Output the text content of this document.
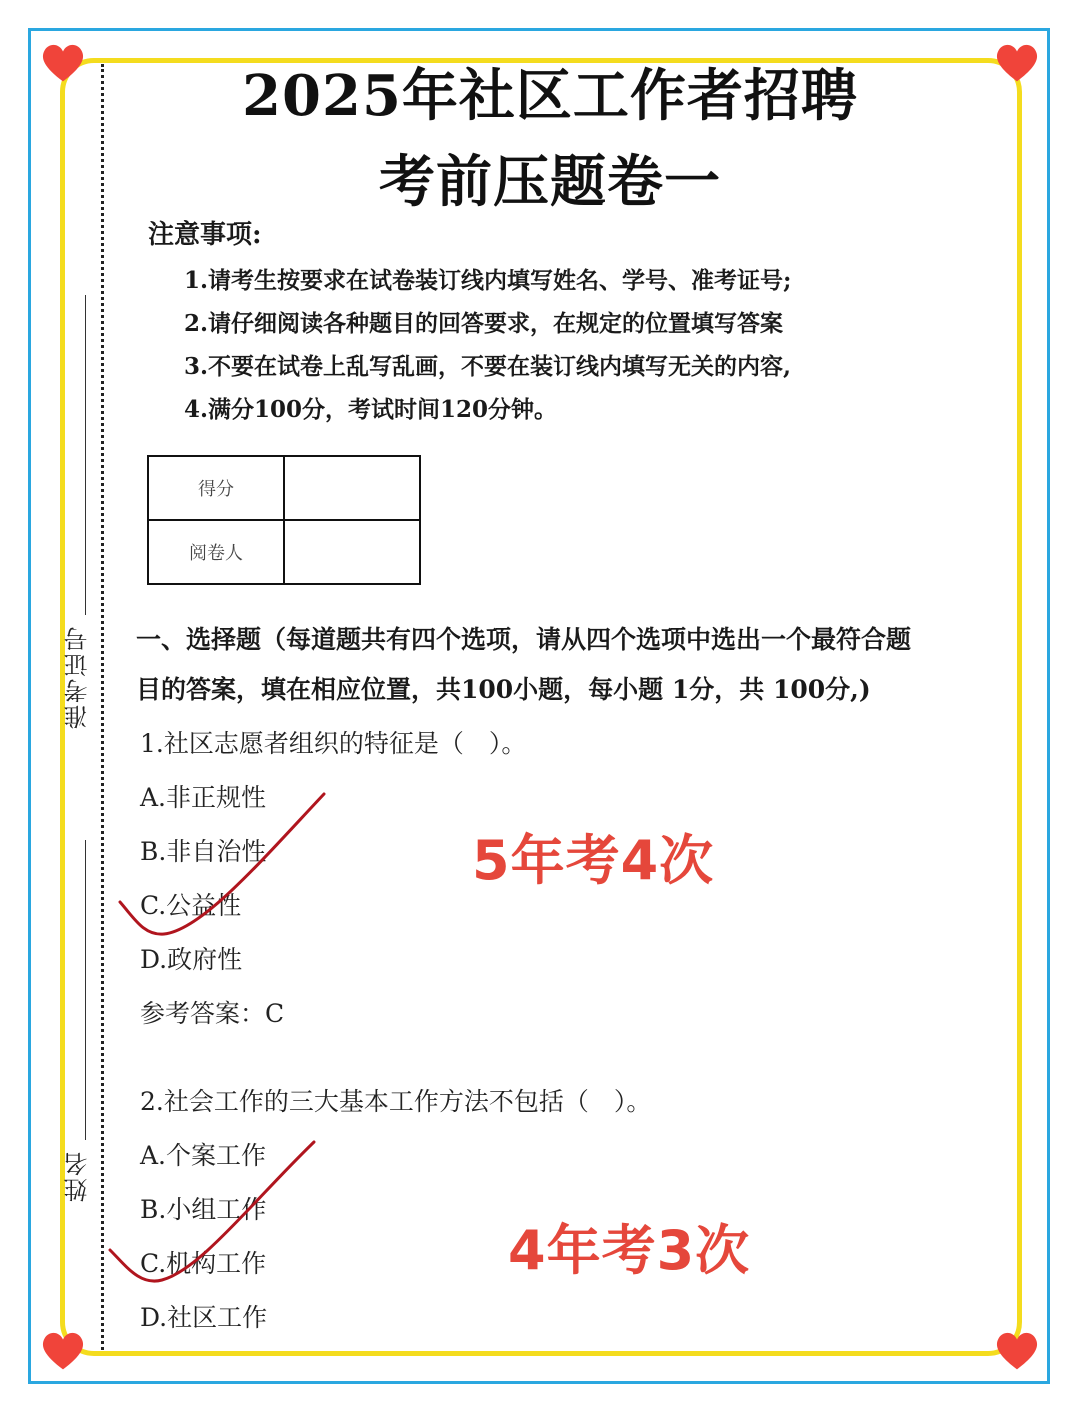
准考证号
姓名
2025年社区工作者招聘
考前压题卷一
注意事项:
1.请考生按要求在试卷装订线内填写姓名、学号、准考证号;
2.请仔细阅读各种题目的回答要求，在规定的位置填写答案
3.不要在试卷上乱写乱画，不要在装订线内填写无关的内容,
4.满分100分，考试时间120分钟。
得分	
阅卷人	
一、选择题（每道题共有四个选项，请从四个选项中选出一个最符合题
目的答案，填在相应位置，共100小题，每小题 1分，共 100分,)
1.社区志愿者组织的特征是（　）。
A.非正规性
B.非自治性
C.公益性
D.政府性
参考答案：C
5年考4次
2.社会工作的三大基本工作方法不包括（　）。
A.个案工作
B.小组工作
C.机构工作
D.社区工作
4年考3次
